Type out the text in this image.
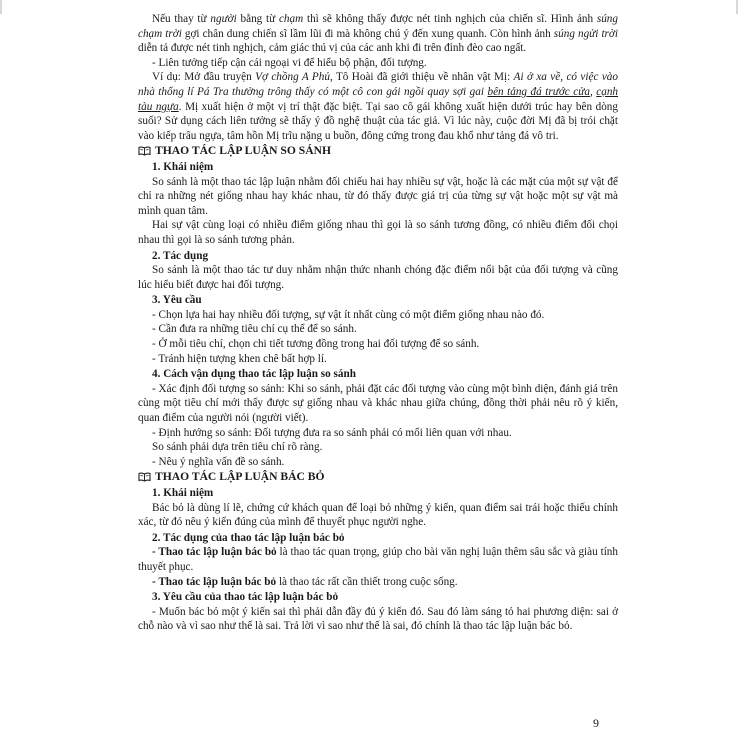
Nếu thay từ người bằng từ chạm thì sẽ không thấy được nét tinh nghịch của chiến sĩ. Hình ảnh súng chạm trời gợi chân dung chiến sĩ lầm lũi đi mà không chú ý đến xung quanh. Còn hình ảnh súng ngửi trời diễn tả được nét tinh nghịch, cảm giác thú vị của các anh khi đi trên đỉnh đèo cao ngất.

- Liên tưởng tiếp cận cái ngoại vi để hiểu bộ phận, đối tượng.

Ví dụ: Mở đầu truyện Vợ chồng A Phủ, Tô Hoài đã giới thiệu về nhân vật Mị: Ai ở xa về, có việc vào nhà thống lí Pá Tra thường trông thấy có một cô con gái ngồi quay sợi gai bên tảng đá trước cửa, cạnh tàu ngựa. Mị xuất hiện ở một vị trí thật đặc biệt. Tại sao cô gái không xuất hiện dưới trúc hay bên dòng suối? Sử dụng cách liên tưởng sẽ thấy ý đồ nghệ thuật của tác giả. Vì lúc này, cuộc đời Mị đã bị trói chặt vào kiếp trâu ngựa, tâm hồn Mị trĩu nặng u buồn, đông cứng trong đau khổ như tảng đá vô tri.

THAO TÁC LẬP LUẬN SO SÁNH
1. Khái niệm

So sánh là một thao tác lập luận nhằm đối chiếu hai hay nhiều sự vật, hoặc là các mặt của một sự vật để chỉ ra những nét giống nhau hay khác nhau, từ đó thấy được giá trị của từng sự vật hoặc một sự vật mà mình quan tâm.

Hai sự vật cùng loại có nhiều điểm giống nhau thì gọi là so sánh tương đồng, có nhiều điểm đối chọi nhau thì gọi là so sánh tương phản.

2. Tác dụng

So sánh là một thao tác tư duy nhằm nhận thức nhanh chóng đặc điểm nổi bật của đối tượng và cũng lúc hiểu biết được hai đối tượng.

3. Yêu cầu

- Chọn lựa hai hay nhiều đối tượng, sự vật ít nhất cùng có một điểm giống nhau nào đó.

- Cần đưa ra những tiêu chí cụ thể để so sánh.

- Ở mỗi tiêu chí, chọn chi tiết tương đồng trong hai đối tượng để so sánh.

- Tránh hiện tượng khen chê bất hợp lí.

4. Cách vận dụng thao tác lập luận so sánh

- Xác định đối tượng so sánh: Khi so sánh, phải đặt các đối tượng vào cùng một bình diện, đánh giá trên cùng một tiêu chí mới thấy được sự giống nhau và khác nhau giữa chúng, đồng thời phải nêu rõ ý kiến, quan điểm của người nói (người viết).

- Định hướng so sánh: Đối tượng đưa ra so sánh phải có mối liên quan với nhau.

So sánh phải dựa trên tiêu chí rõ ràng.

- Nêu ý nghĩa vấn đề so sánh.

THAO TÁC LẬP LUẬN BÁC BỎ
1. Khái niệm

Bác bỏ là dùng lí lẽ, chứng cứ khách quan để loại bỏ những ý kiến, quan điểm sai trái hoặc thiếu chính xác, từ đó nêu ý kiến đúng của mình để thuyết phục người nghe.

2. Tác dụng của thao tác lập luận bác bỏ

- Thao tác lập luận bác bỏ là thao tác quan trọng, giúp cho bài văn nghị luận thêm sâu sắc và giàu tính thuyết phục.

- Thao tác lập luận bác bỏ là thao tác rất cần thiết trong cuộc sống.

3. Yêu cầu của thao tác lập luận bác bỏ

- Muốn bác bỏ một ý kiến sai thì phải dẫn đầy đủ ý kiến đó. Sau đó làm sáng tỏ hai phương diện: sai ở chỗ nào và vì sao như thế là sai. Trả lời vì sao như thế là sai, đó chính là thao tác lập luận bác bỏ.

9
